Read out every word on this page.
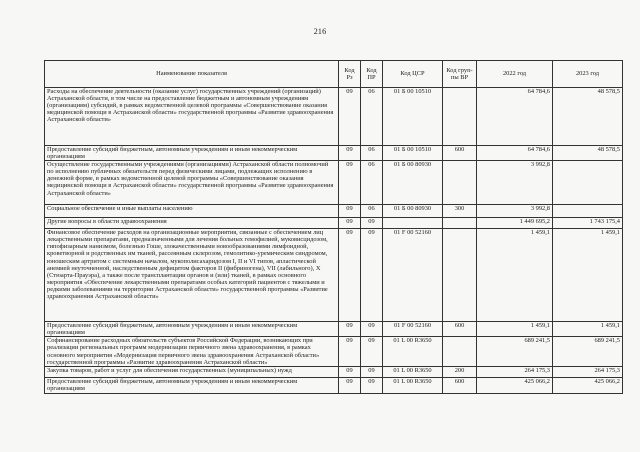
216
Наименование показателя	Код Рз	Код ПР	Код ЦСР	Код груп-пы ВР	2022 год	2023 год
Расходы на обеспечение деятельности (оказание услуг) государственных учреждений (организаций) Астраханской области, в том числе на предоставление бюджетным и автономным учреждениям (организациям) субсидий, в рамках ведомственной целевой программы «Совершенствование оказания медицинской помощи в Астраханской области» государственной программы «Развитие здравоохранения Астраханской области»	09	06	01 Б 00 10510		64 784,6	48 578,5
Предоставление субсидий бюджетным, автономным учреждениям и иным некоммерческим организациям	09	06	01 Б 00 10510	600	64 784,6	48 578,5
Осуществление государственными учреждениями (организациями) Астраханской области полномочий по исполнению публичных обязательств перед физическими лицами, подлежащих исполнению в денежной форме, в рамках ведомственной целевой программы «Совершенствование оказания медицинской помощи в Астраханской области» государственной программы «Развитие здравоохранения Астраханской области»	09	06	01 Б 00 80930		3 992,8	
Социальное обеспечение и иные выплаты населению	09	06	01 Б 00 80930	300	3 992,8	
Другие вопросы в области здравоохранения	09	09			1 449 695,2	1 743 175,4
Финансовое обеспечение расходов на организационные мероприятия, связанные с обеспечением лиц лекарственными препаратами, предназначенными для лечения больных гемофилией, муковисцидозом, гипофизарным нанизмом, болезнью Гоше, злокачественными новообразованиями лимфоидной, кроветворной и родственных им тканей, рассеянным склерозом, гемолитико-уремическим синдромом, юношеским артритом с системным началом, мукополисахаридозом I, II и VI типов, апластической анемией неуточненной, наследственным дефицитом факторов II (фибриногена), VII (лабильного), X (Стюарта-Прауэра), а также после трансплантации органов и (или) тканей, в рамках основного мероприятия «Обеспечение лекарственными препаратами особых категорий пациентов с тяжелыми и редкими заболеваниями на территории Астраханской области» государственной программы «Развитие здравоохранения Астраханской области»	09	09	01 F 00 52160		1 459,1	1 459,1
Предоставление субсидий бюджетным, автономным учреждениям и иным некоммерческим организациям	09	09	01 F 00 52160	600	1 459,1	1 459,1
Софинансирование расходных обязательств субъектов Российской Федерации, возникающих при реализации региональных программ модернизации первичного звена здравоохранения, в рамках основного мероприятия «Модернизация первичного звена здравоохранения Астраханской области» государственной программы «Развитие здравоохранения Астраханской области»	09	09	01 L 00 R3650		689 241,5	689 241,5
Закупка товаров, работ и услуг для обеспечения государственных (муниципальных) нужд	09	09	01 L 00 R3650	200	264 175,3	264 175,3
Предоставление субсидий бюджетным, автономным учреждениям и иным некоммерческим организациям	09	09	01 L 00 R3650	600	425 066,2	425 066,2
